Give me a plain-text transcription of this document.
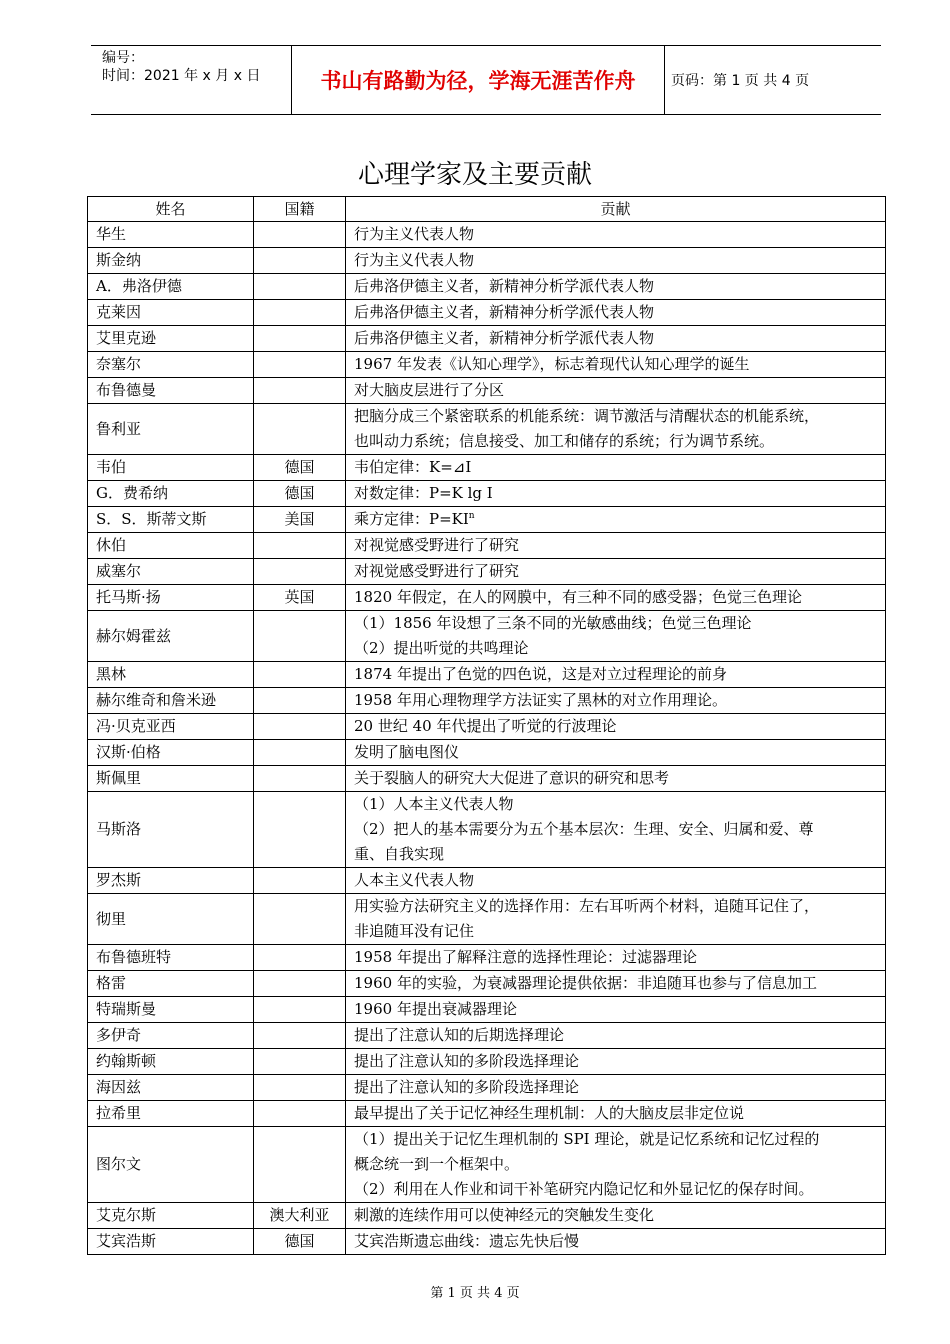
编号：
时间：2021 年 x 月 x 日	书山有路勤为径，学海无涯苦作舟	页码：第 1 页 共 4 页
心理学家及主要贡献
姓名	国籍	贡献
华生		行为主义代表人物

斯金纳		行为主义代表人物

A．弗洛伊德		后弗洛伊德主义者，新精神分析学派代表人物

克莱因		后弗洛伊德主义者，新精神分析学派代表人物

艾里克逊		后弗洛伊德主义者，新精神分析学派代表人物

奈塞尔		1967 年发表《认知心理学》，标志着现代认知心理学的诞生

布鲁德曼		对大脑皮层进行了分区

鲁利亚		把脑分成三个紧密联系的机能系统：调节激活与清醒状态的机能系统，
也叫动力系统；信息接受、加工和储存的系统；行为调节系统。

韦伯	德国	韦伯定律：K=⊿I

G．费希纳	德国	对数定律：P=K lg I

S．S．斯蒂文斯	美国	乘方定律：$P=KI^n$

休伯		对视觉感受野进行了研究

威塞尔		对视觉感受野进行了研究

托马斯·扬	英国	1820 年假定，在人的网膜中，有三种不同的感受器；色觉三色理论

赫尔姆霍兹		（1）1856 年设想了三条不同的光敏感曲线；色觉三色理论
（2）提出听觉的共鸣理论

黑林		1874 年提出了色觉的四色说，这是对立过程理论的前身

赫尔维奇和詹米逊		1958 年用心理物理学方法证实了黑林的对立作用理论。

冯·贝克亚西		20 世纪 40 年代提出了听觉的行波理论

汉斯·伯格		发明了脑电图仪

斯佩里		关于裂脑人的研究大大促进了意识的研究和思考

马斯洛		（1）人本主义代表人物
（2）把人的基本需要分为五个基本层次：生理、安全、归属和爱、尊
重、自我实现

罗杰斯		人本主义代表人物

彻里		用实验方法研究主义的选择作用：左右耳听两个材料，追随耳记住了，
非追随耳没有记住

布鲁德班特		1958 年提出了解释注意的选择性理论：过滤器理论

格雷		1960 年的实验，为衰减器理论提供依据：非追随耳也参与了信息加工

特瑞斯曼		1960 年提出衰减器理论

多伊奇		提出了注意认知的后期选择理论

约翰斯顿		提出了注意认知的多阶段选择理论

海因兹		提出了注意认知的多阶段选择理论

拉希里		最早提出了关于记忆神经生理机制：人的大脑皮层非定位说

图尔文		（1）提出关于记忆生理机制的 SPI 理论，就是记忆系统和记忆过程的
概念统一到一个框架中。
（2）利用在人作业和词干补笔研究内隐记忆和外显记忆的保存时间。

艾克尔斯	澳大利亚	刺激的连续作用可以使神经元的突触发生变化

艾宾浩斯	德国	艾宾浩斯遗忘曲线：遗忘先快后慢
第 1 页 共 4 页
